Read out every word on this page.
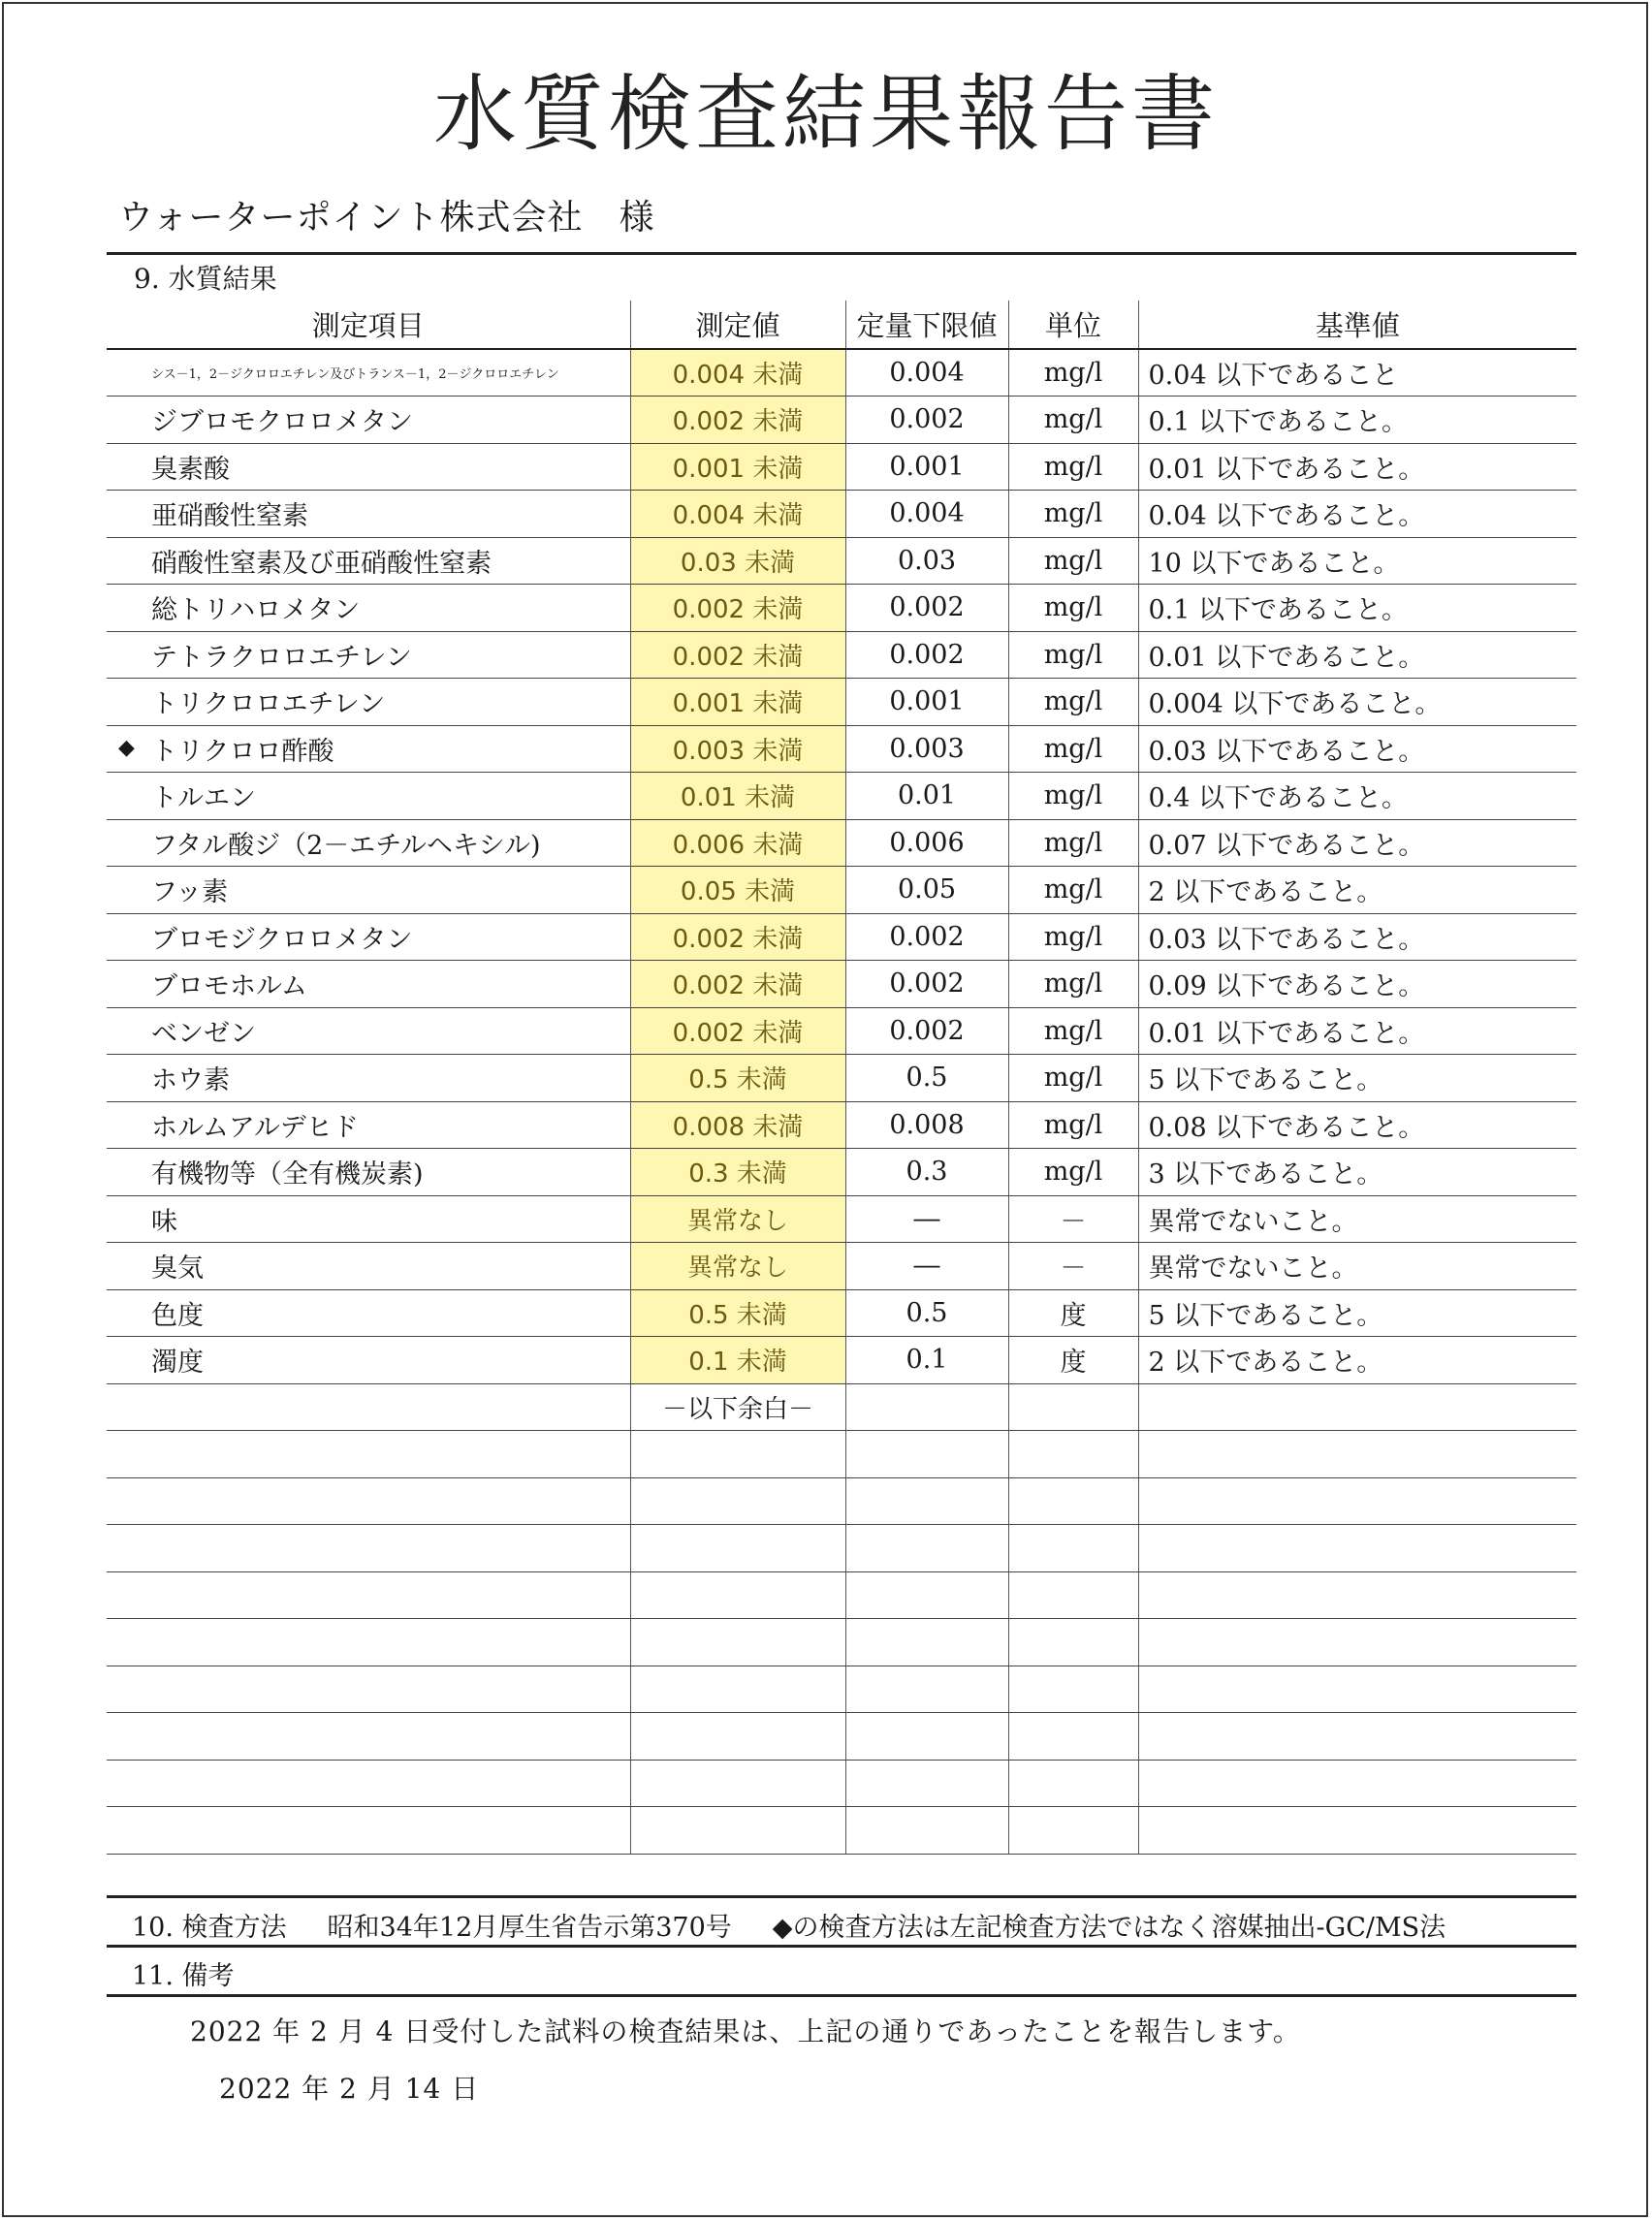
水質検査結果報告書
ウォーターポイント株式会社　様
9. 水質結果
測定項目	測定値	定量下限値	単位	基準値
シス－1，2－ジクロロエチレン及びトランス－1，2－ジクロロエチレン	0.004 未満	0.004	mg/l	0.04 以下であること
ジブロモクロロメタン	0.002 未満	0.002	mg/l	0.1 以下であること。
臭素酸	0.001 未満	0.001	mg/l	0.01 以下であること。
亜硝酸性窒素	0.004 未満	0.004	mg/l	0.04 以下であること。
硝酸性窒素及び亜硝酸性窒素	0.03 未満	0.03	mg/l	10 以下であること。
総トリハロメタン	0.002 未満	0.002	mg/l	0.1 以下であること。
テトラクロロエチレン	0.002 未満	0.002	mg/l	0.01 以下であること。
トリクロロエチレン	0.001 未満	0.001	mg/l	0.004 以下であること。

◆ トリクロロ酢酸	0.003 未満	0.003	mg/l	0.03 以下であること。
トルエン	0.01 未満	0.01	mg/l	0.4 以下であること。
フタル酸ジ（2－エチルヘキシル)	0.006 未満	0.006	mg/l	0.07 以下であること。
フッ素	0.05 未満	0.05	mg/l	2 以下であること。
ブロモジクロロメタン	0.002 未満	0.002	mg/l	0.03 以下であること。
ブロモホルム	0.002 未満	0.002	mg/l	0.09 以下であること。
ベンゼン	0.002 未満	0.002	mg/l	0.01 以下であること。
ホウ素	0.5 未満	0.5	mg/l	5 以下であること。
ホルムアルデヒド	0.008 未満	0.008	mg/l	0.08 以下であること。
有機物等（全有機炭素)	0.3 未満	0.3	mg/l	3 以下であること。
味	異常なし	―	－	異常でないこと。
臭気	異常なし	―	－	異常でないこと。
色度	0.5 未満	0.5	度	5 以下であること。
濁度	0.1 未満	0.1	度	2 以下であること。
	－以下余白－			

10. 検査方法 昭和34年12月厚生省告示第370号 ◆の検査方法は左記検査方法ではなく溶媒抽出-GC/MS法
11. 備考
2022 年 2 月 4 日受付した試料の検査結果は、上記の通りであったことを報告します。
2022 年 2 月 14 日
